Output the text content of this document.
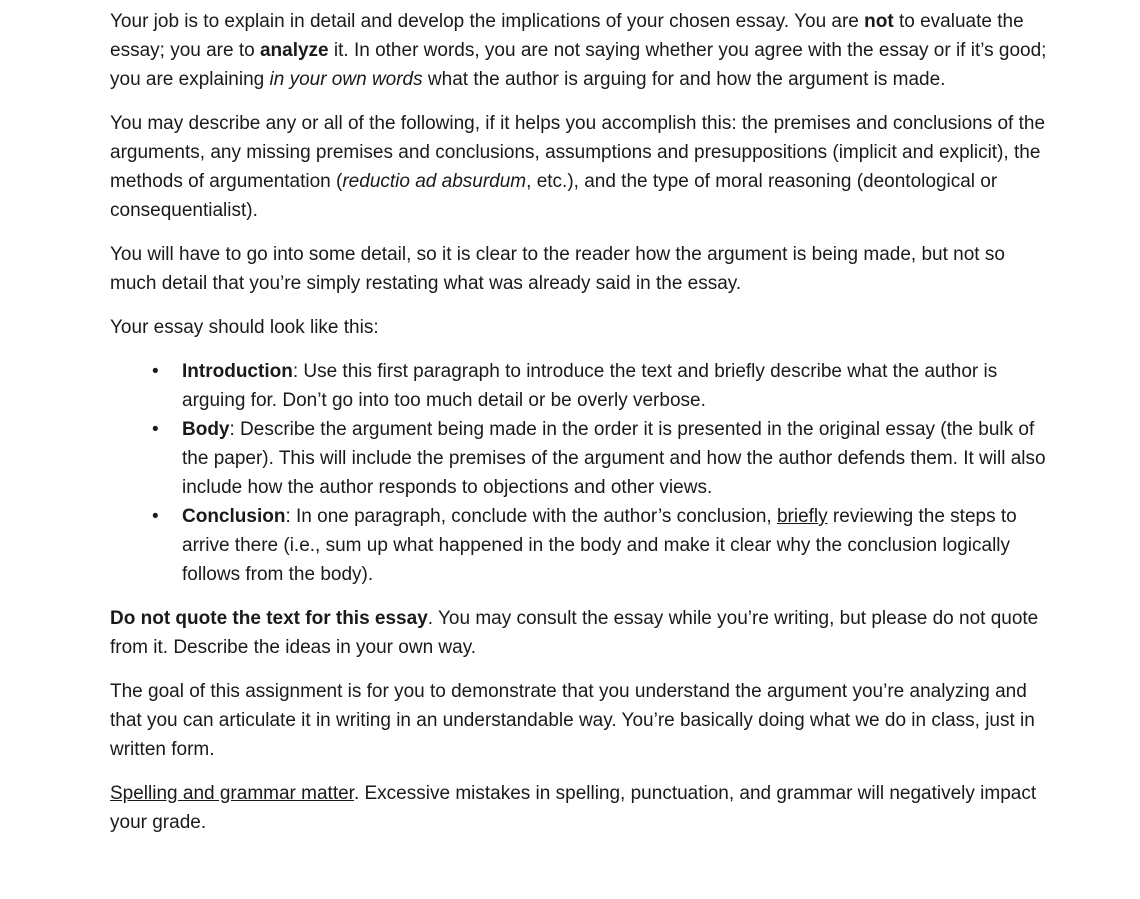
Your job is to explain in detail and develop the implications of your chosen essay. You are not to evaluate the essay; you are to analyze it. In other words, you are not saying whether you agree with the essay or if it’s good; you are explaining in your own words what the author is arguing for and how the argument is made.

You may describe any or all of the following, if it helps you accomplish this: the premises and conclusions of the arguments, any missing premises and conclusions, assumptions and presuppositions (implicit and explicit), the methods of argumentation (reductio ad absurdum, etc.), and the type of moral reasoning (deontological or consequentialist).

You will have to go into some detail, so it is clear to the reader how the argument is being made, but not so much detail that you’re simply restating what was already said in the essay.

Your essay should look like this:

• Introduction: Use this first paragraph to introduce the text and briefly describe what the author is arguing for. Don’t go into too much detail or be overly verbose.
• Body: Describe the argument being made in the order it is presented in the original essay (the bulk of the paper). This will include the premises of the argument and how the author defends them. It will also include how the author responds to objections and other views.
• Conclusion: In one paragraph, conclude with the author’s conclusion, briefly reviewing the steps to arrive there (i.e., sum up what happened in the body and make it clear why the conclusion logically follows from the body).

Do not quote the text for this essay. You may consult the essay while you’re writing, but please do not quote from it. Describe the ideas in your own way.

The goal of this assignment is for you to demonstrate that you understand the argument you’re analyzing and that you can articulate it in writing in an understandable way. You’re basically doing what we do in class, just in written form.

Spelling and grammar matter. Excessive mistakes in spelling, punctuation, and grammar will negatively impact your grade.
